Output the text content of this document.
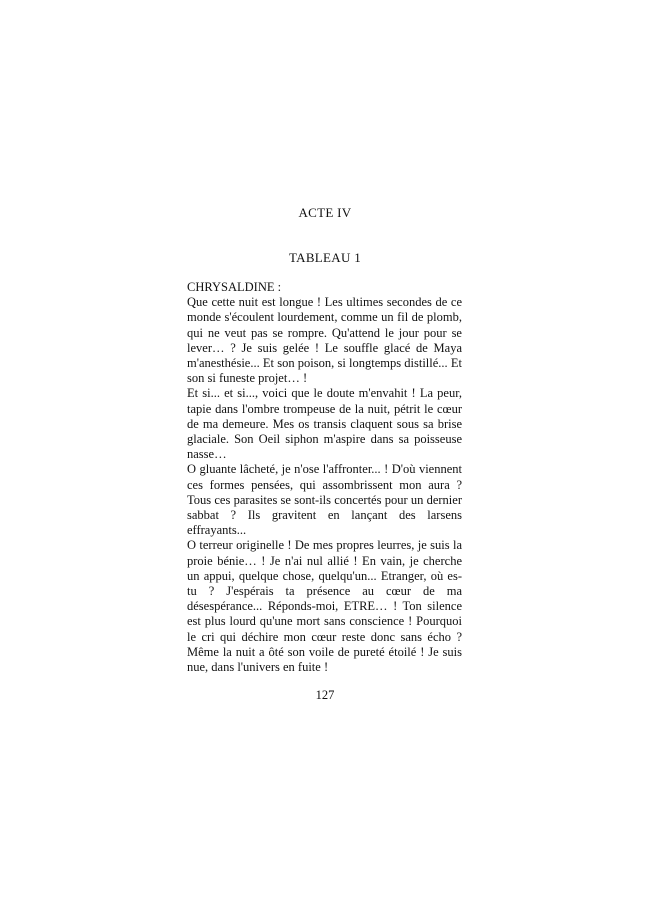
ACTE IV
TABLEAU 1
CHRYSALDINE :

Que cette nuit est longue ! Les ultimes secondes de ce monde s'écoulent lourdement, comme un fil de plomb, qui ne veut pas se rompre. Qu'attend le jour pour se lever… ? Je suis gelée ! Le souffle glacé de Maya m'anesthésie... Et son poison, si longtemps distillé... Et son si funeste projet… !

Et si... et si..., voici que le doute m'envahit ! La peur, tapie dans l'ombre trompeuse de la nuit, pétrit le cœur de ma demeure. Mes os transis claquent sous sa brise glaciale. Son Oeil siphon m'aspire dans sa poisseuse nasse…

O gluante lâcheté, je n'ose l'affronter... ! D'où viennent ces formes pensées, qui assombrissent mon aura ? Tous ces parasites se sont-ils concertés pour un dernier sabbat ? Ils gravitent en lançant des larsens effrayants...

O terreur originelle ! De mes propres leurres, je suis la proie bénie… ! Je n'ai nul allié ! En vain, je cherche un appui, quelque chose, quelqu'un... Etranger, où es-tu ? J'espérais ta présence au cœur de ma désespérance... Réponds-moi, ETRE… ! Ton silence est plus lourd qu'une mort sans conscience ! Pourquoi le cri qui déchire mon cœur reste donc sans écho ? Même la nuit a ôté son voile de pureté étoilé ! Je suis nue, dans l'univers en fuite !

127
